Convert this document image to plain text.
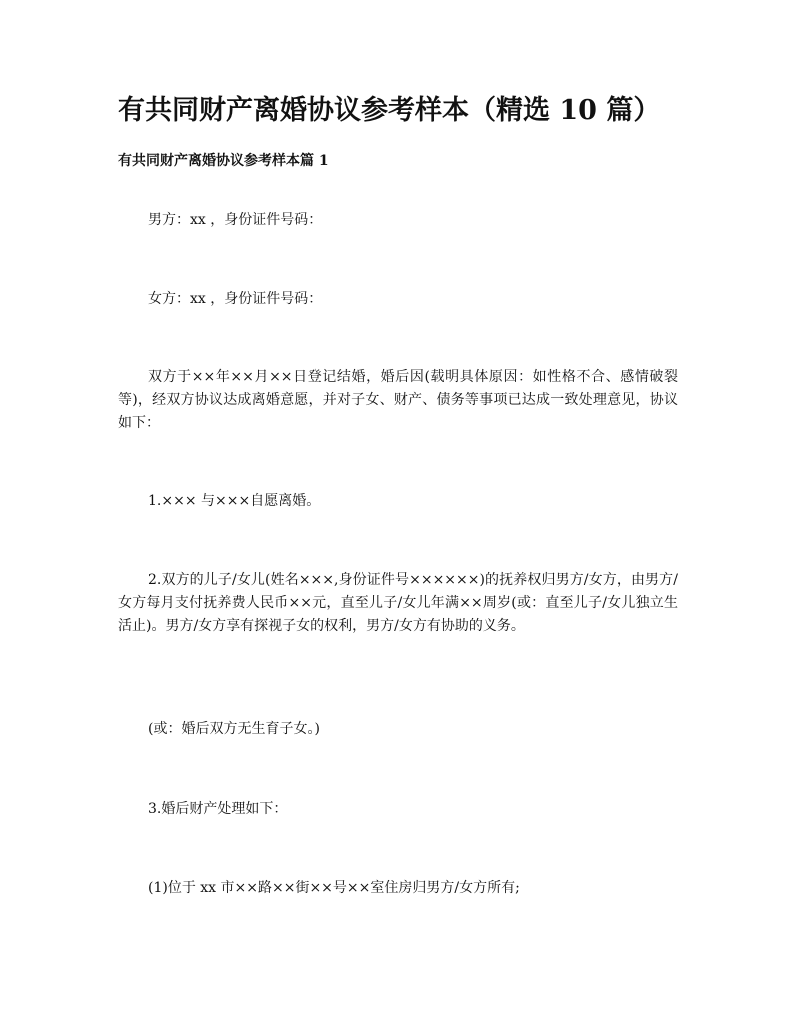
有共同财产离婚协议参考样本（精选 10 篇）
有共同财产离婚协议参考样本篇 1

男方：xx ，身份证件号码：

女方：xx ，身份证件号码：

双方于××年××月××日登记结婚，婚后因(载明具体原因：如性格不合、感情破裂等)，经双方协议达成离婚意愿，并对子女、财产、债务等事项已达成一致处理意见，协议如下：

1.××× 与×××自愿离婚。

2.双方的儿子/女儿(姓名×××,身份证件号××××××)的抚养权归男方/女方，由男方/女方每月支付抚养费人民币××元，直至儿子/女儿年满××周岁(或：直至儿子/女儿独立生活止)。男方/女方享有探视子女的权利，男方/女方有协助的义务。

(或：婚后双方无生育子女。)

3.婚后财产处理如下：

(1)位于 xx 市××路××街××号××室住房归男方/女方所有;
